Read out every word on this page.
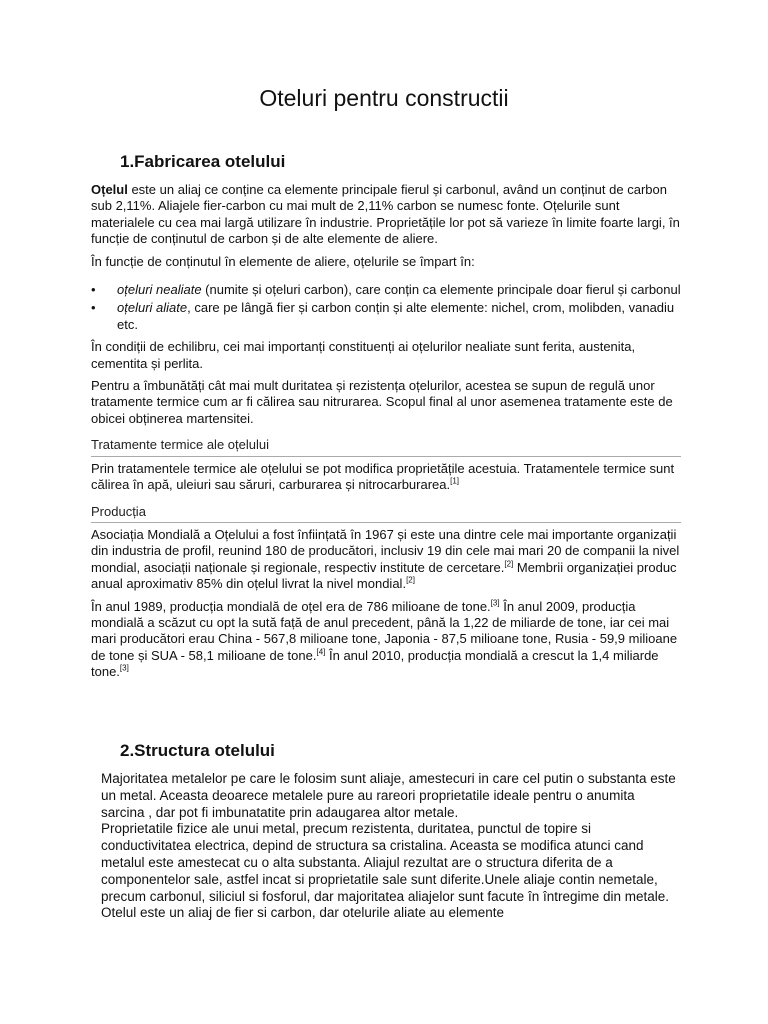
Oteluri pentru constructii
1.Fabricarea otelului

Oțelul este un aliaj ce conține ca elemente principale fierul și carbonul, având un conținut de carbon sub 2,11%. Aliajele fier-carbon cu mai mult de 2,11% carbon se numesc fonte. Oțelurile sunt materialele cu cea mai largă utilizare în industrie. Proprietățile lor pot să varieze în limite foarte largi, în funcție de conținutul de carbon și de alte elemente de aliere.

În funcție de conținutul în elemente de aliere, oțelurile se împart în:

• oțeluri nealiate (numite și oțeluri carbon), care conțin ca elemente principale doar fierul și carbonul
• oțeluri aliate, care pe lângă fier și carbon conțin și alte elemente: nichel, crom, molibden, vanadiu etc.

În condiții de echilibru, cei mai importanți constituenți ai oțelurilor nealiate sunt ferita, austenita, cementita și perlita.

Pentru a îmbunătăți cât mai mult duritatea și rezistența oțelurilor, acestea se supun de regulă unor tratamente termice cum ar fi călirea sau nitrurarea. Scopul final al unor asemenea tratamente este de obicei obținerea martensitei.

Tratamente termice ale oțelului

Prin tratamentele termice ale oțelului se pot modifica proprietățile acestuia. Tratamentele termice sunt călirea în apă, uleiuri sau săruri, carburarea și nitrocarburarea.[1]

Producția

Asociația Mondială a Oțelului a fost înființată în 1967 și este una dintre cele mai importante organizații din industria de profil, reunind 180 de producători, inclusiv 19 din cele mai mari 20 de companii la nivel mondial, asociații naționale și regionale, respectiv institute de cercetare.[2] Membrii organizației produc anual aproximativ 85% din oțelul livrat la nivel mondial.[2]

În anul 1989, producția mondială de oțel era de 786 milioane de tone.[3] În anul 2009, producția mondială a scăzut cu opt la sută față de anul precedent, până la 1,22 de miliarde de tone, iar cei mai mari producători erau China - 567,8 milioane tone, Japonia - 87,5 milioane tone, Rusia - 59,9 milioane de tone și SUA - 58,1 milioane de tone.[4] În anul 2010, producția mondială a crescut la 1,4 miliarde tone.[3]

2.Structura otelului

Majoritatea metalelor pe care le folosim sunt aliaje, amestecuri in care cel putin o substanta este un metal. Aceasta deoarece metalele pure au rareori proprietatile ideale pentru o anumita sarcina , dar pot fi imbunatatite prin adaugarea altor metale.

Proprietatile fizice ale unui metal, precum rezistenta, duritatea, punctul de topire si conductivitatea electrica, depind de structura sa cristalina. Aceasta se modifica atunci cand metalul este amestecat cu o alta substanta. Aliajul rezultat are o structura diferita de a componentelor sale, astfel incat si proprietatile sale sunt diferite.Unele aliaje contin nemetale, precum carbonul, siliciul si fosforul, dar majoritatea aliajelor sunt facute în întregime din metale. Otelul este un aliaj de fier si carbon, dar otelurile aliate au elemente
